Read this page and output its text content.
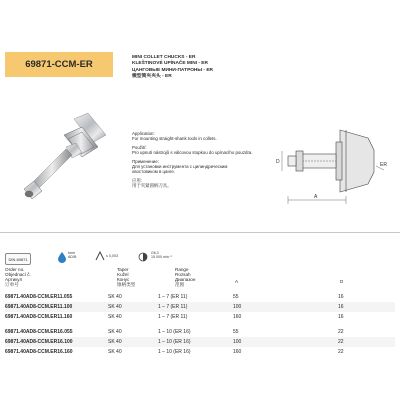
69871-CCM-ER
MINI COLLET CHUCKS - ER
KLEŠTINOVÉ UPÍNAČE MINI - ER
ЦАНГОВЫЕ МИНИ-ПАТРОНЫ - ER
微型筒夹夹头 - ER
Application:
For mounting straight-shank tools in collets.
Použití:
Pro upnutí nástrojů s válcovou stopkou do upínacího pouzdra.
Применение:
Для установки инструмента с цилиндрическим
хвостовиком в цанге.
应用:
用于夹紧圆柄刀具。
A
D	ER
DIN 69871
form
AD/B	≤ 0,003
G6,3
15 000 min⁻¹
Order no.
Objednací č.
Артикул
订单号
Taper
Kužel
Конус
锥柄类型
Range
Rozsah
Диапазон
范围
A	D
69871.40AD8-CCM.ER11.055	SK 40	1 – 7 (ER 11)	55	16
69871.40AD8-CCM.ER11.100	SK 40	1 – 7 (ER 11)	100	16
69871.40AD8-CCM.ER11.160	SK 40	1 – 7 (ER 11)	160	16
69871.40AD8-CCM.ER16.055	SK 40	1 – 10 (ER 16)	55	22
69871.40AD8-CCM.ER16.100	SK 40	1 – 10 (ER 16)	100	22
69871.40AD8-CCM.ER16.160	SK 40	1 – 10 (ER 16)	160	22
